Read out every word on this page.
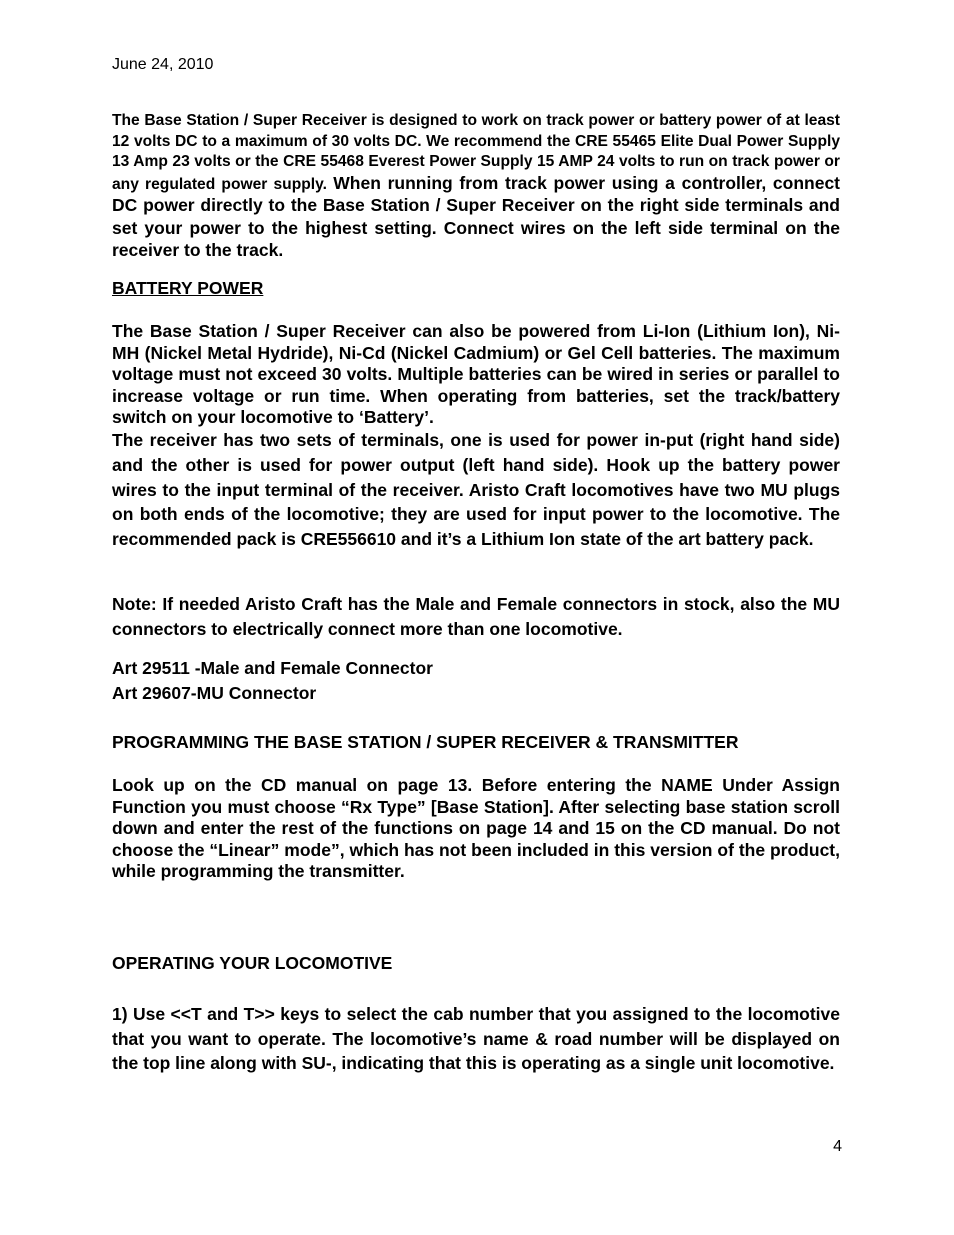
June 24, 2010

The Base Station / Super Receiver is designed to work on track power or battery power of at least 12 volts DC to a maximum of 30 volts DC. We recommend the CRE 55465 Elite Dual Power Supply 13 Amp 23 volts or the CRE 55468 Everest Power Supply 15 AMP 24 volts to run on track power or any regulated power supply. When running from track power using a controller, connect DC power directly to the Base Station / Super Receiver on the right side terminals and set your power to the highest setting. Connect wires on the left side terminal on the receiver to the track.

BATTERY POWER

The Base Station / Super Receiver can also be powered from Li-Ion (Lithium Ion), Ni-MH (Nickel Metal Hydride), Ni-Cd (Nickel Cadmium) or Gel Cell batteries. The maximum voltage must not exceed 30 volts. Multiple batteries can be wired in series or parallel to increase voltage or run time. When operating from batteries, set the track/battery switch on your locomotive to ‘Battery’.

The receiver has two sets of terminals, one is used for power in-put (right hand side) and the other is used for power output (left hand side). Hook up the battery power wires to the input terminal of the receiver. Aristo Craft locomotives have two MU plugs on both ends of the locomotive; they are used for input power to the locomotive. The recommended pack is CRE556610 and it’s a Lithium Ion state of the art battery pack.

Note: If needed Aristo Craft has the Male and Female connectors in stock, also the MU connectors to electrically connect more than one locomotive.

Art 29511 -Male and Female Connector

Art 29607-MU Connector

PROGRAMMING THE BASE STATION / SUPER RECEIVER & TRANSMITTER

Look up on the CD manual on page 13. Before entering the NAME Under Assign Function you must choose “Rx Type” [Base Station]. After selecting base station scroll down and enter the rest of the functions on page 14 and 15 on the CD manual. Do not choose the “Linear” mode”, which has not been included in this version of the product, while programming the transmitter.

OPERATING YOUR LOCOMOTIVE

1) Use <<T and T>> keys to select the cab number that you assigned to the locomotive that you want to operate. The locomotive’s name & road number will be displayed on the top line along with SU-, indicating that this is operating as a single unit locomotive.

4
